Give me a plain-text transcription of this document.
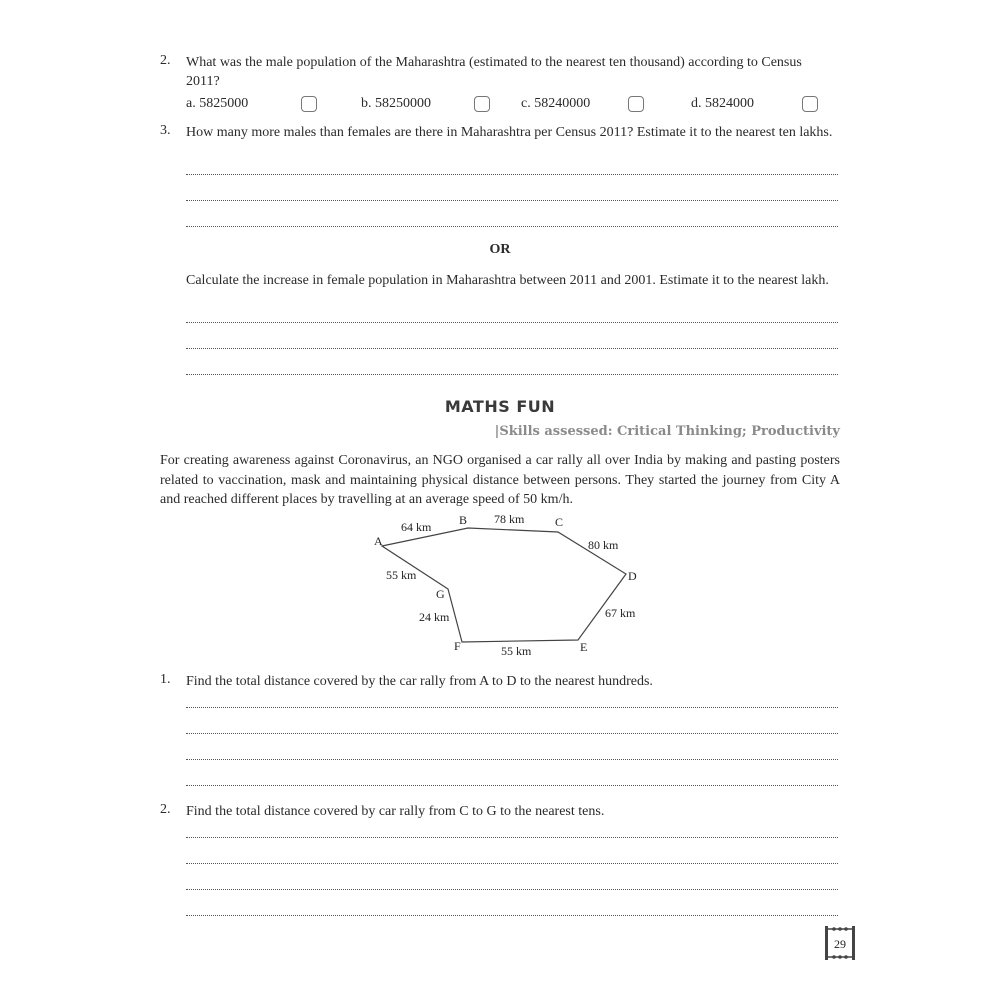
2. What was the male population of the Maharashtra (estimated to the nearest ten thousand) according to Census 2011?
a. 5825000	b. 58250000	c. 58240000	d. 5824000
3. How many more males than females are there in Maharashtra per Census 2011? Estimate it to the nearest ten lakhs.
OR
Calculate the increase in female population in Maharashtra between 2011 and 2001. Estimate it to the nearest lakh.
MATHS FUN
|Skills assessed: Critical Thinking; Productivity
For creating awareness against Coronavirus, an NGO organised a car rally all over India by making and pasting posters related to vaccination, mask and maintaining physical distance between persons. They started the journey from City A and reached different places by travelling at an average speed of 50 km/h.
A
B	C
D
E
F
G
64 km
78 km
80 km
67 km
55 km
24 km
55 km
1. Find the total distance covered by the car rally from A to D to the nearest hundreds.
2. Find the total distance covered by car rally from C to G to the nearest tens.
29
